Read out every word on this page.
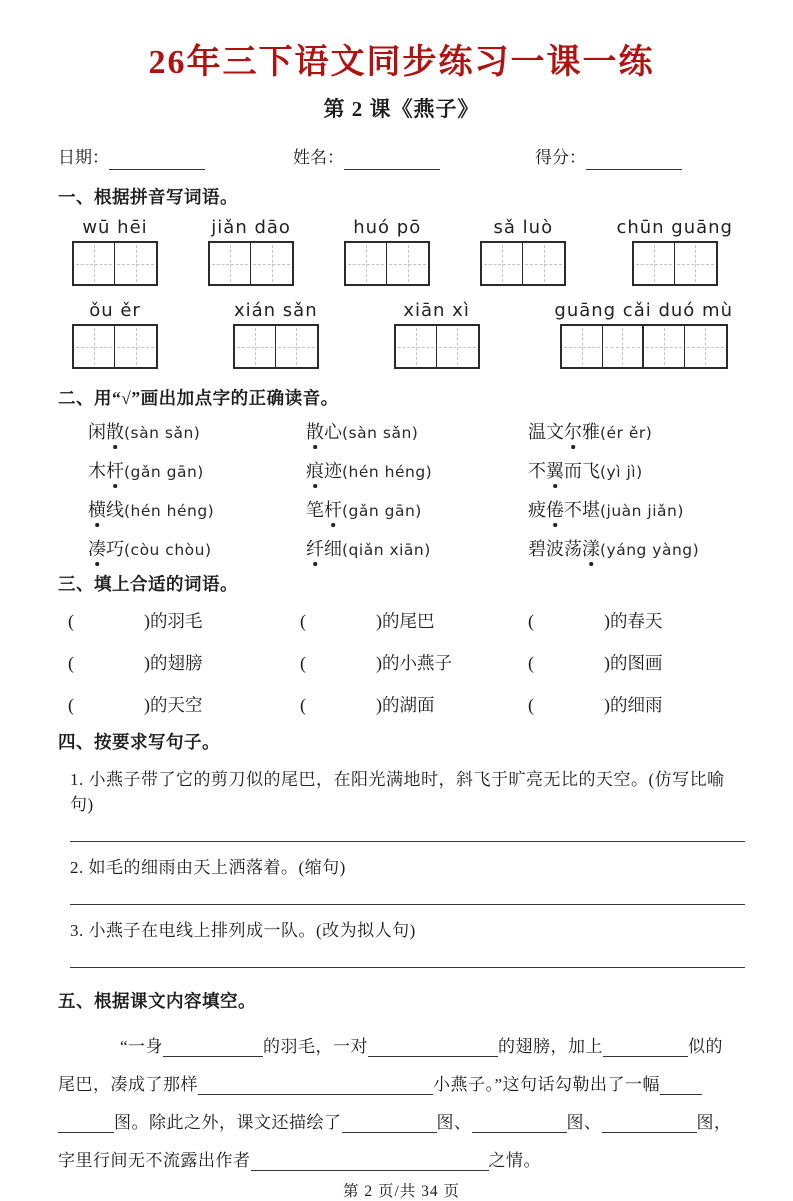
26年三下语文同步练习一课一练
第 2 课《燕子》
日期：	姓名：	得分：
一、根据拼音写词语。
wū hēi	jiǎn dāo	huó pō	sǎ luò	chūn guāng
ǒu ěr	xián sǎn	xiān xì	guāng cǎi duó mù
二、用“√”画出加点字的正确读音。
闲散(sàn sǎn)	散心(sàn sǎn)	温文尔雅(ér ěr)
木杆(gǎn gān)	痕迹(hén héng)	不翼而飞(yì jì)
横线(hén héng)	笔杆(gǎn gān)	疲倦不堪(juàn jiǎn)
凑巧(còu chòu)	纤细(qiǎn xiān)	碧波荡漾(yáng yàng)
三、填上合适的词语。
(	)的羽毛	(	)的尾巴	(	)的春天
(	)的翅膀	(	)的小燕子	(	)的图画
(	)的天空	(	)的湖面	(	)的细雨
四、按要求写句子。
1. 小燕子带了它的剪刀似的尾巴，在阳光满地时，斜飞于旷亮无比的天空。(仿写比喻句)
2. 如毛的细雨由天上洒落着。(缩句)
3. 小燕子在电线上排列成一队。(改为拟人句)
五、根据课文内容填空。
“一身	的羽毛，一对	的翅膀，加上	似的
尾巴，凑成了那样	小燕子。”这句话勾勒出了一幅
图。除此之外，课文还描绘了	图、	图、	图，
字里行间无不流露出作者	之情。
第 2 页/共 34 页
